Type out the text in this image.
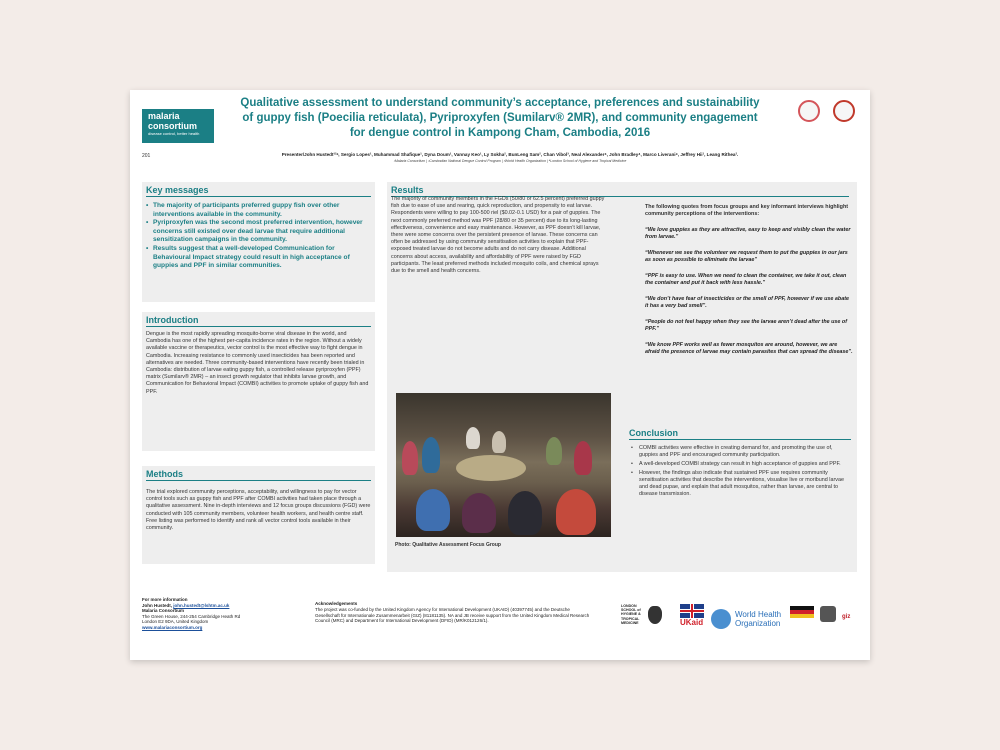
malaria
consortium
disease control, better health
Qualitative assessment to understand community’s acceptance, preferences and sustainability
of guppy fish (Poecilia reticulata), Pyriproxyfen (Sumilarv® 2MR), and community engagement
for dengue control in Kampong Cham, Cambodia, 2016
201	Presenter/John Hustedt¹²ᵃ, Sergio Lopes¹, Muhammad Shafique¹, Dyna Doum¹, Vannay Keo¹, Ly Sokha², BunLeng Sam², Chan Vibol³, Neal Alexander⁴, John Bradley⁴, Marco Liverani⁴, Jeffrey Hii¹, Leang Rithea².
¹Malaria Consortium | ²Cambodian National Dengue Control Program | ³World Health Organization | ⁴London School of Hygiene and Tropical Medicine
Key messages
• The majority of participants preferred guppy fish over other interventions available in the community.
• Pyriproxyfen was the second most preferred intervention, however concerns still existed over dead larvae that require additional sensitization campaigns in the community.
• Results suggest that a well-developed Communication for Behavioural Impact strategy could result in high acceptance of guppies and PPF in similar communities.
Introduction

Dengue is the most rapidly spreading mosquito-borne viral disease in the world, and Cambodia has one of the highest per-capita incidence rates in the region. Without a widely available vaccine or therapeutics, vector control is the most effective way to fight dengue in Cambodia. Increasing resistance to commonly used insecticides has been reported and alternatives are needed. Three community-based interventions have recently been trialed in Cambodia: distribution of larvae eating guppy fish, a controlled release pyriproxyfen (PPF) matrix (Sumilarv® 2MR) – an insect growth regulator that inhibits larvae growth, and Communication for Behavioral Impact (COMBI) activities to promote uptake of guppy fish and PPF.

Methods

The trial explored community perceptions, acceptability, and willingness to pay for vector control tools such as guppy fish and PPF after COMBI activities had taken place through a qualitative assessment. Nine in-depth interviews and 12 focus groups discussions (FGD) were conducted with 105 community members, volunteer health workers, and health centre staff. Free listing was performed to identify and rank all vector control tools available in their community.

Results

The majority of community members in the FGDs (50/80 or 62.5 percent) preferred guppy fish due to ease of use and rearing, quick reproduction, and propensity to eat larvae. Respondents were willing to pay 100-500 riel ($0.02-0.1 USD) for a pair of guppies. The next commonly preferred method was PPF (28/80 or 35 percent) due to its long-lasting effectiveness, convenience and easy maintenance. However, as PPF doesn’t kill larvae, there were some concerns over the persistent presence of larvae. These concerns can often be addressed by using community sensitisation activities to explain that PPF-exposed treated larvae do not become adults and do not carry disease. Additional concerns about access, availability and affordability of PPF were raised by FGD participants. The least preferred methods included mosquito coils, and chemical sprays due to the smell and health concerns.

The following quotes from focus groups and key informant interviews highlight community perceptions of the interventions:

“We love guppies as they are attractive, easy to keep and visibly clean the water from larvae.”

“Whenever we see the volunteer we request them to put the guppies in our jars as soon as possible to eliminate the larvae”

“PPF is easy to use. When we need to clean the container, we take it out, clean the container and put it back with less hassle.”

“We don’t have fear of insecticides or the smell of PPF, however if we use abate it has a very bad smell”.

“People do not feel happy when they see the larvae aren’t dead after the use of PPF.”

“We know PPF works well as fewer mosquitos are around, however, we are afraid the presence of larvae may contain parasites that can spread the disease”.

Conclusion
• COMBI activities were effective in creating demand for, and promoting the use of, guppies and PPF and encouraged community participation.
• A well-developed COMBI strategy can result in high acceptance of guppies and PPF.
• However, the findings also indicate that sustained PPF use requires community sensitisation activities that describe the interventions, visualise live or moribund larvae and dead pupae, and explain that adult mosquitos, rather than larvae, are central to disease transmission.
Photo: Qualitative Assessment Focus Group
For more information
John Hustedt, john.hustedt@lshtm.ac.uk
Malaria Consortium
The Green House, 244-254 Cambridge Heath Rd
London E2 9DA, United Kingdom
www.malariaconsortium.org
Acknowledgements
The project was co-funded by the United Kingdom Agency for International Development (UKAID) (40397745) and the Deutsche Gesellschaft für Internationale Zusammenarbeit (GIZ) (81181135). NA and JB receive support from the United Kingdom Medical Research Council (MRC) and Department for International Development (DFID) (MR/K012126/1).
LONDON SCHOOL of HYGIENE & TROPICAL MEDICINE	UKaid
World Health Organization
giz
